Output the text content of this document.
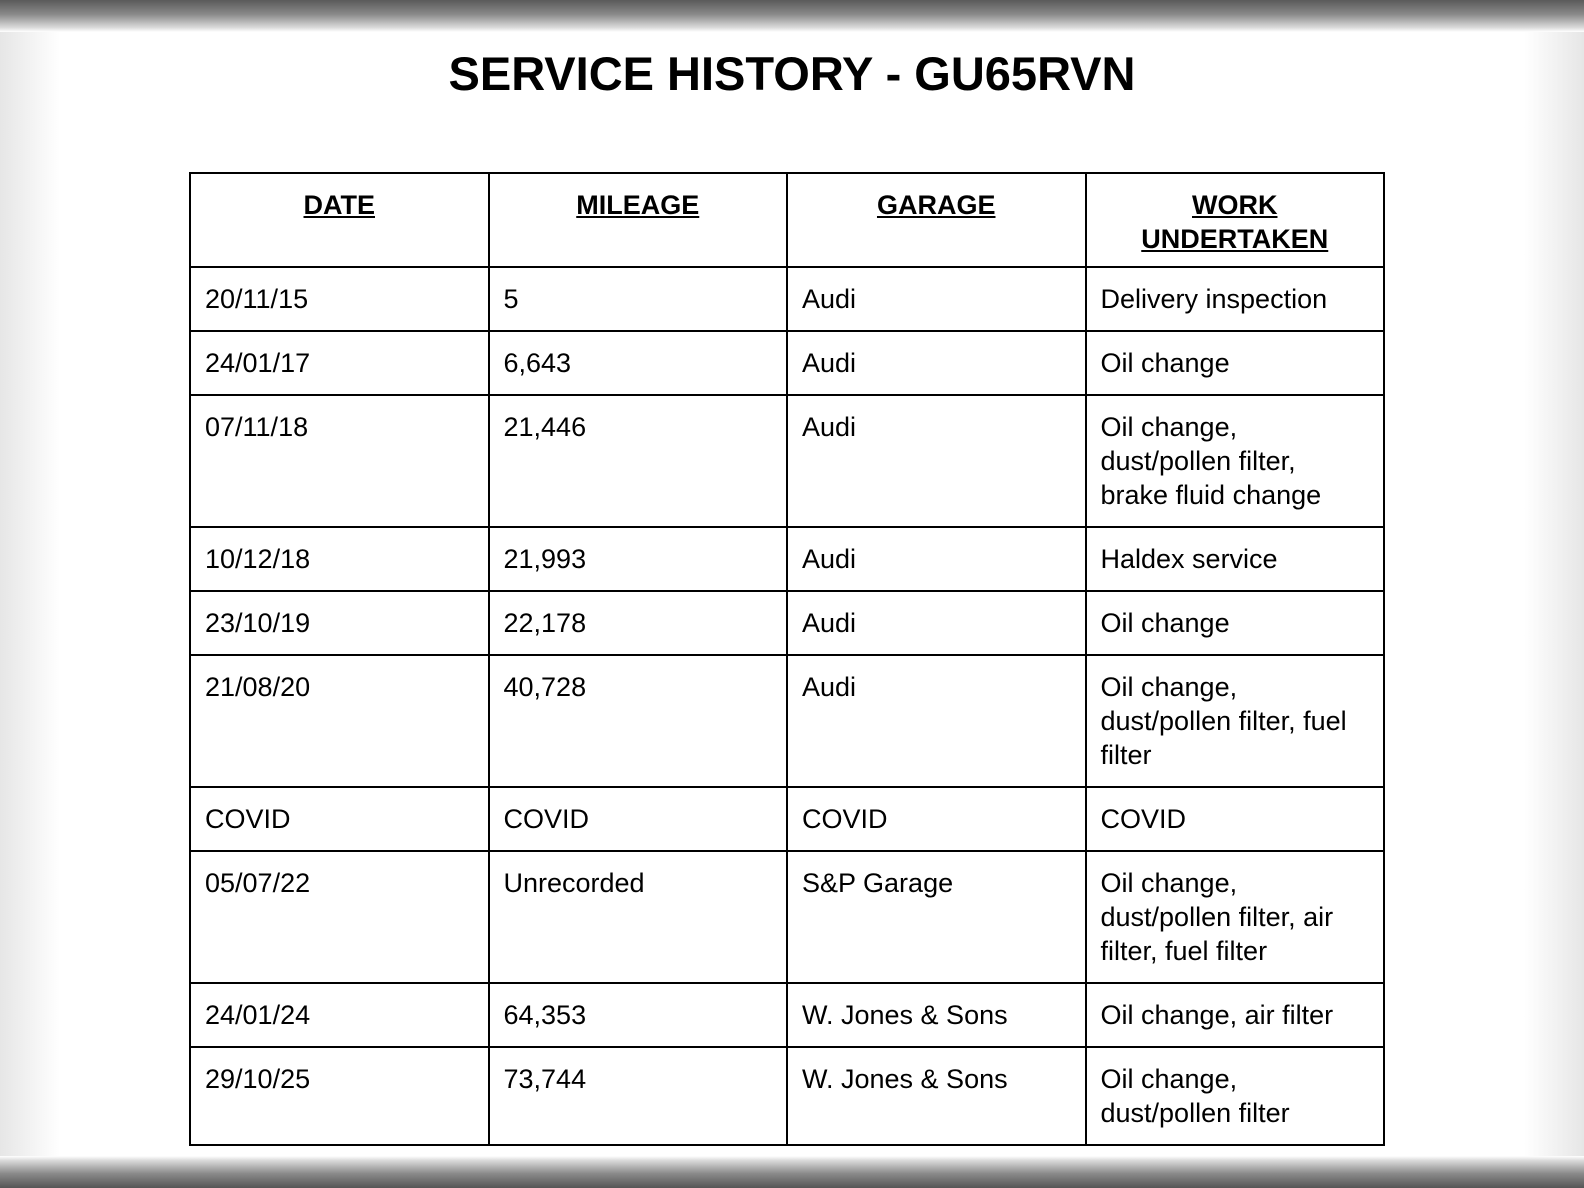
SERVICE HISTORY - GU65RVN
DATE	MILEAGE	GARAGE	WORK UNDERTAKEN
20/11/15	5	Audi	Delivery inspection
24/01/17	6,643	Audi	Oil change
07/11/18	21,446	Audi	Oil change, dust/pollen filter, brake fluid change
10/12/18	21,993	Audi	Haldex service
23/10/19	22,178	Audi	Oil change
21/08/20	40,728	Audi	Oil change, dust/pollen filter, fuel filter
COVID	COVID	COVID	COVID
05/07/22	Unrecorded	S&P Garage	Oil change, dust/pollen filter, air filter, fuel filter
24/01/24	64,353	W. Jones & Sons	Oil change, air filter
29/10/25	73,744	W. Jones & Sons	Oil change, dust/pollen filter
